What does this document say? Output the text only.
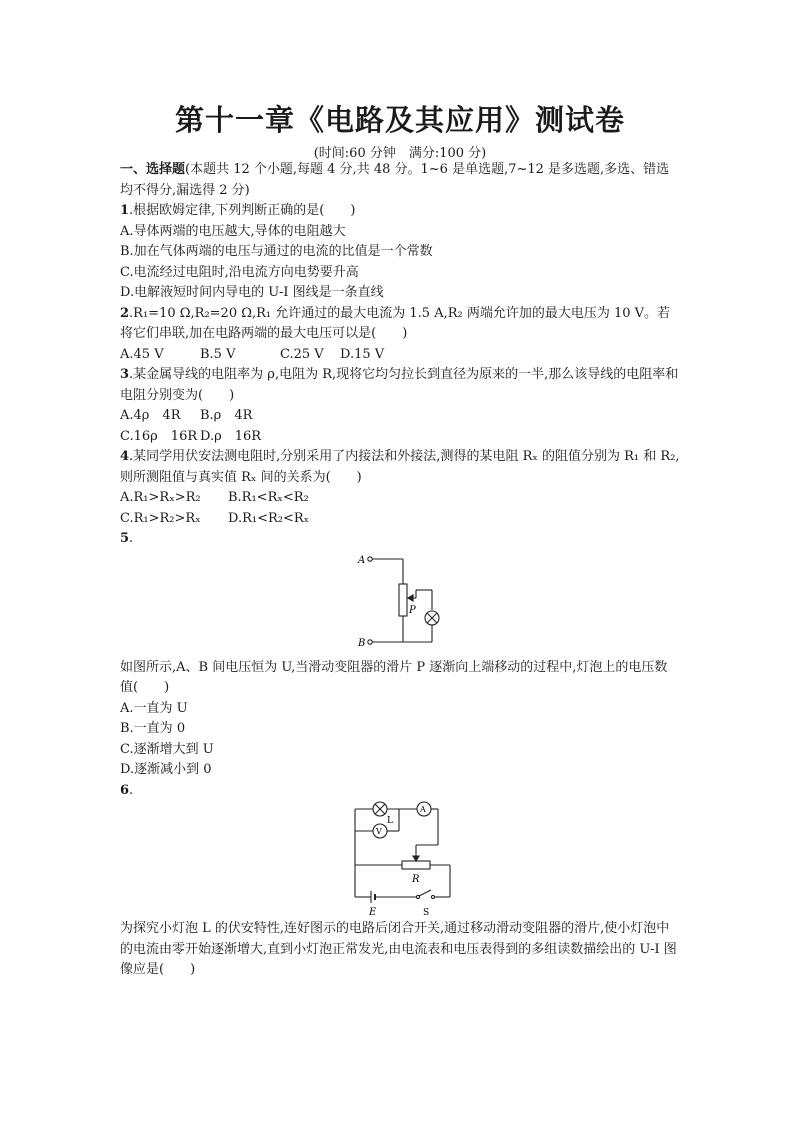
第十一章《电路及其应用》测试卷
(时间:60 分钟　满分:100 分)

一、选择题(本题共 12 个小题,每题 4 分,共 48 分。1~6 是单选题,7~12 是多选题,多选、错选均不得分,漏选得 2 分)

1.根据欧姆定律,下列判断正确的是(　　)

A.导体两端的电压越大,导体的电阻越大

B.加在气体两端的电压与通过的电流的比值是一个常数

C.电流经过电阻时,沿电流方向电势要升高

D.电解液短时间内导电的 U-I 图线是一条直线

2.R₁=10 Ω,R₂=20 Ω,R₁ 允许通过的最大电流为 1.5 A,R₂ 两端允许加的最大电压为 10 V。若将它们串联,加在电路两端的最大电压可以是(　　)

A.45 V	B.5 V	C.25 V	D.15 V

3.某金属导线的电阻率为 ρ,电阻为 R,现将它均匀拉长到直径为原来的一半,那么该导线的电阻率和电阻分别变为(　　)

A.4ρ　4R	B.ρ　4R

C.16ρ　16R D.ρ　16R

4.某同学用伏安法测电阻时,分别采用了内接法和外接法,测得的某电阻 Rₓ 的阻值分别为 R₁ 和 R₂,则所测阻值与真实值 Rₓ 间的关系为(　　)

A.R₁>Rₓ>R₂	B.R₁<Rₓ<R₂

C.R₁>R₂>Rₓ	D.R₁<R₂<Rₓ

5.

A
B
P

如图所示,A、B 间电压恒为 U,当滑动变阻器的滑片 P 逐渐向上端移动的过程中,灯泡上的电压数值(　　)

A.一直为 U

B.一直为 0

C.逐渐增大到 U

D.逐渐减小到 0

6.

L
A
V
R
E	S

为探究小灯泡 L 的伏安特性,连好图示的电路后闭合开关,通过移动滑动变阻器的滑片,使小灯泡中的电流由零开始逐渐增大,直到小灯泡正常发光,由电流表和电压表得到的多组读数描绘出的 U-I 图像应是(　　)
